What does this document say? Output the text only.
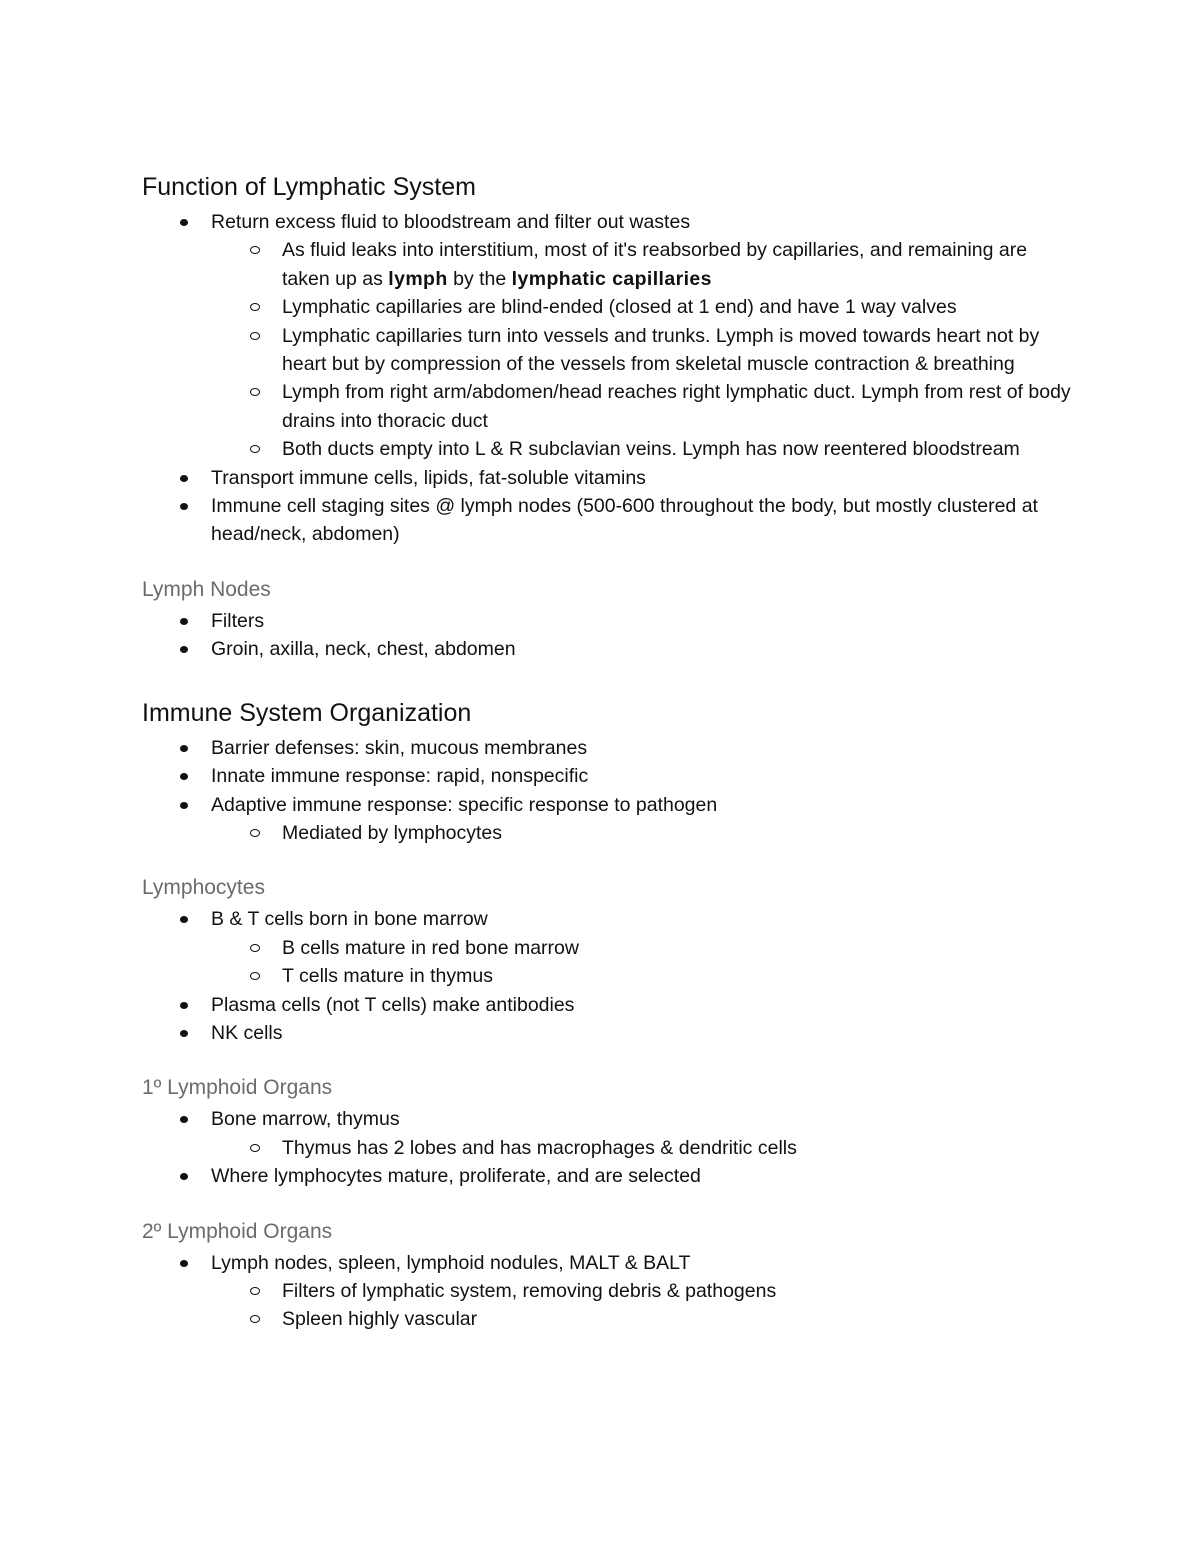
Function of Lymphatic System
Return excess fluid to bloodstream and filter out wastes
As fluid leaks into interstitium, most of it's reabsorbed by capillaries, and remaining are taken up as lymph by the lymphatic capillaries
Lymphatic capillaries are blind-ended (closed at 1 end) and have 1 way valves
Lymphatic capillaries turn into vessels and trunks. Lymph is moved towards heart not by heart but by compression of the vessels from skeletal muscle contraction & breathing
Lymph from right arm/abdomen/head reaches right lymphatic duct. Lymph from rest of body drains into thoracic duct
Both ducts empty into L & R subclavian veins. Lymph has now reentered bloodstream
Transport immune cells, lipids, fat-soluble vitamins
Immune cell staging sites @ lymph nodes (500-600 throughout the body, but mostly clustered at head/neck, abdomen)
Lymph Nodes
Filters
Groin, axilla, neck, chest, abdomen
Immune System Organization
Barrier defenses: skin, mucous membranes
Innate immune response: rapid, nonspecific
Adaptive immune response: specific response to pathogen
Mediated by lymphocytes
Lymphocytes
B & T cells born in bone marrow
B cells mature in red bone marrow
T cells mature in thymus
Plasma cells (not T cells) make antibodies
NK cells
1º Lymphoid Organs
Bone marrow, thymus
Thymus has 2 lobes and has macrophages & dendritic cells
Where lymphocytes mature, proliferate, and are selected
2º Lymphoid Organs
Lymph nodes, spleen, lymphoid nodules, MALT & BALT
Filters of lymphatic system, removing debris & pathogens
Spleen highly vascular
